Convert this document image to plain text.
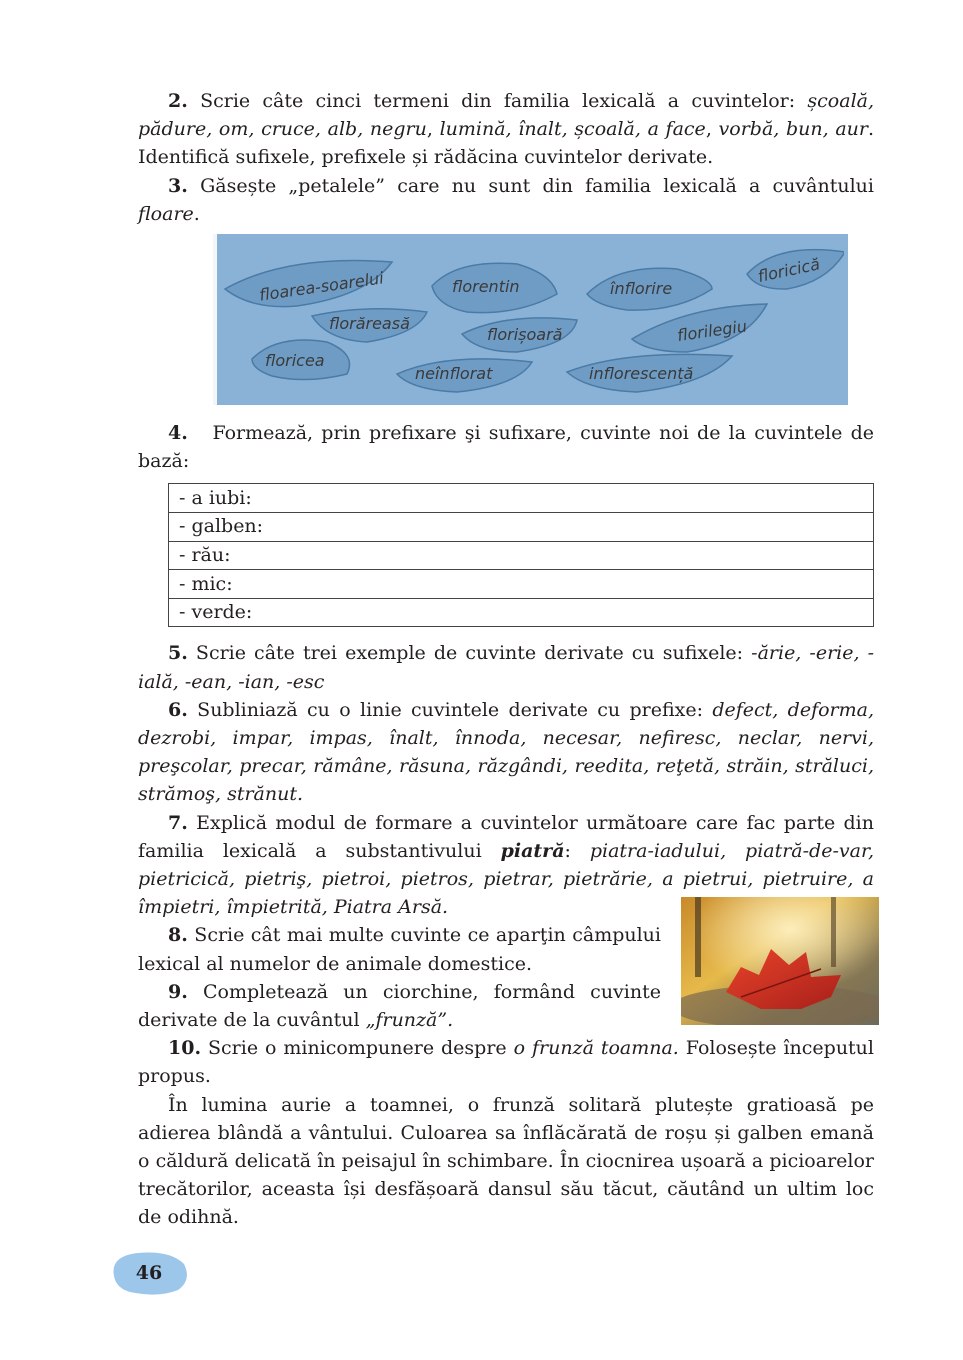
2. Scrie câte cinci termeni din familia lexicală a cuvintelor: școală, pădure, om, cruce, alb, negru, lumină, înalt, școală, a face, vorbă, bun, aur. Identifică sufixele, prefixele și rădăcina cuvintelor derivate.

3. Găsește „petalele” care nu sunt din familia lexicală a cuvântului floare.

floarea-soarelui	florentin	înflorire
floricică
florăreasă
florișoară	florilegiu
floricea
neînflorat	inflorescență

4. Formează, prin prefixare şi sufixare, cuvinte noi de la cuvintele de bază:

- a iubi:
- galben:
- rău:
- mic:
- verde:

5. Scrie câte trei exemple de cuvinte derivate cu sufixele: -ărie, -erie, -ială, -ean, -ian, -esc

6. Subliniază cu o linie cuvintele derivate cu prefixe: defect, deforma, dezrobi, impar, impas, înalt, înnoda, necesar, nefiresc, neclar, nervi, preşcolar, precar, rămâne, răsuna, răzgândi, reedita, reţetă, străin, străluci, strămoş, strănut.

7. Explică modul de formare a cuvintelor următoare care fac parte din familia lexicală a substantivului piatră: piatra-iadului, piatră-de-var, pietricică, pietriş, pietroi, pietros, pietrar, pietrărie, a pietrui, pietruire, a împietri, împietrită, Piatra Arsă.

8. Scrie cât mai multe cuvinte ce aparţin câmpului lexical al numelor de animale domestice.

9. Completează un ciorchine, formând cuvinte derivate de la cuvântul „frunză”.

10. Scrie o minicompunere despre o frunză toamna. Folosește începutul propus.

În lumina aurie a toamnei, o frunză solitară plutește gratioasă pe adierea blândă a vântului. Culoarea sa înflăcărată de roșu și galben emană o căldură delicată în peisajul în schimbare. În ciocnirea ușoară a picioarelor trecătorilor, aceasta își desfășoară dansul său tăcut, căutând un ultim loc de odihnă.

46
